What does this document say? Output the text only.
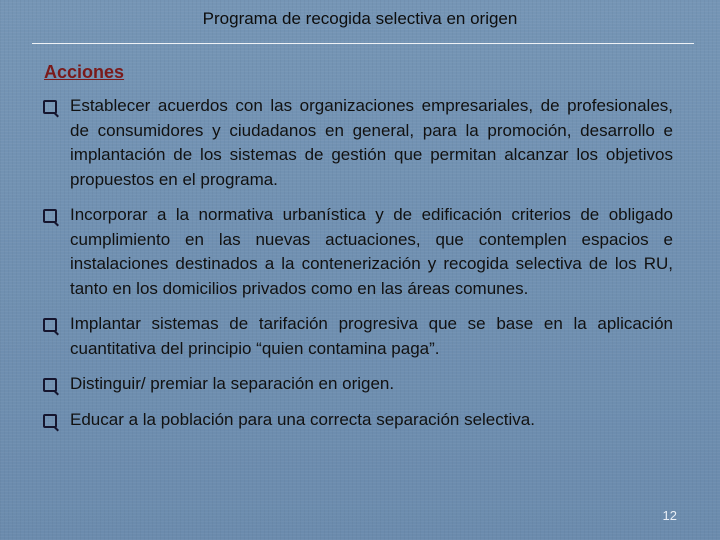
Programa de recogida selectiva en origen
Acciones
Establecer acuerdos con las organizaciones empresariales, de profesionales, de consumidores y ciudadanos en general, para la promoción, desarrollo e implantación de los sistemas de gestión que permitan alcanzar los objetivos propuestos en el programa.
Incorporar a la normativa urbanística y de edificación criterios de obligado cumplimiento en las nuevas actuaciones, que contemplen espacios e instalaciones destinados a la contenerización y recogida selectiva de los RU, tanto en los domicilios privados como en las áreas comunes.
Implantar sistemas de tarifación progresiva que se base en la aplicación cuantitativa del principio “quien contamina paga”.
Distinguir/ premiar la separación en origen.
Educar a la población para una correcta separación selectiva.
12
